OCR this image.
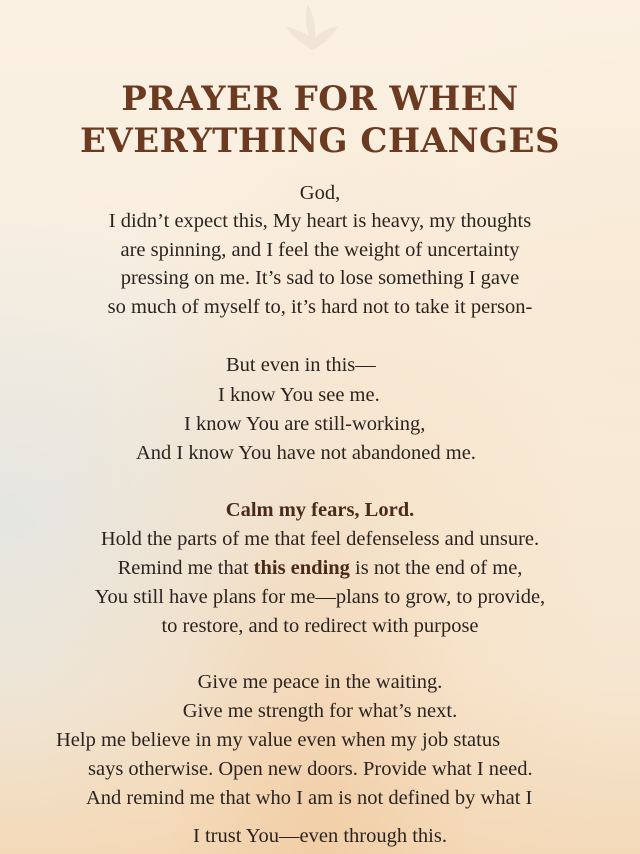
PRAYER FOR WHEN
EVERYTHING CHANGES
God,
I didn’t expect this, My heart is heavy, my thoughts
are spinning, and I feel the weight of uncertainty
pressing on me. It’s sad to lose something I gave
so much of myself to, it’s hard not to take it person-
But even in this—
I know You see me.
I know You are still-working,
And I know You have not abandoned me.
Calm my fears, Lord.
Hold the parts of me that feel defenseless and unsure.
Remind me that this ending is not the end of me,
You still have plans for me—plans to grow, to provide,
to restore, and to redirect with purpose
Give me peace in the waiting.
Give me strength for what’s next.
Help me believe in my value even when my job status
says otherwise. Open new doors. Provide what I need.
And remind me that who I am is not defined by what I
I trust You—even through this.
